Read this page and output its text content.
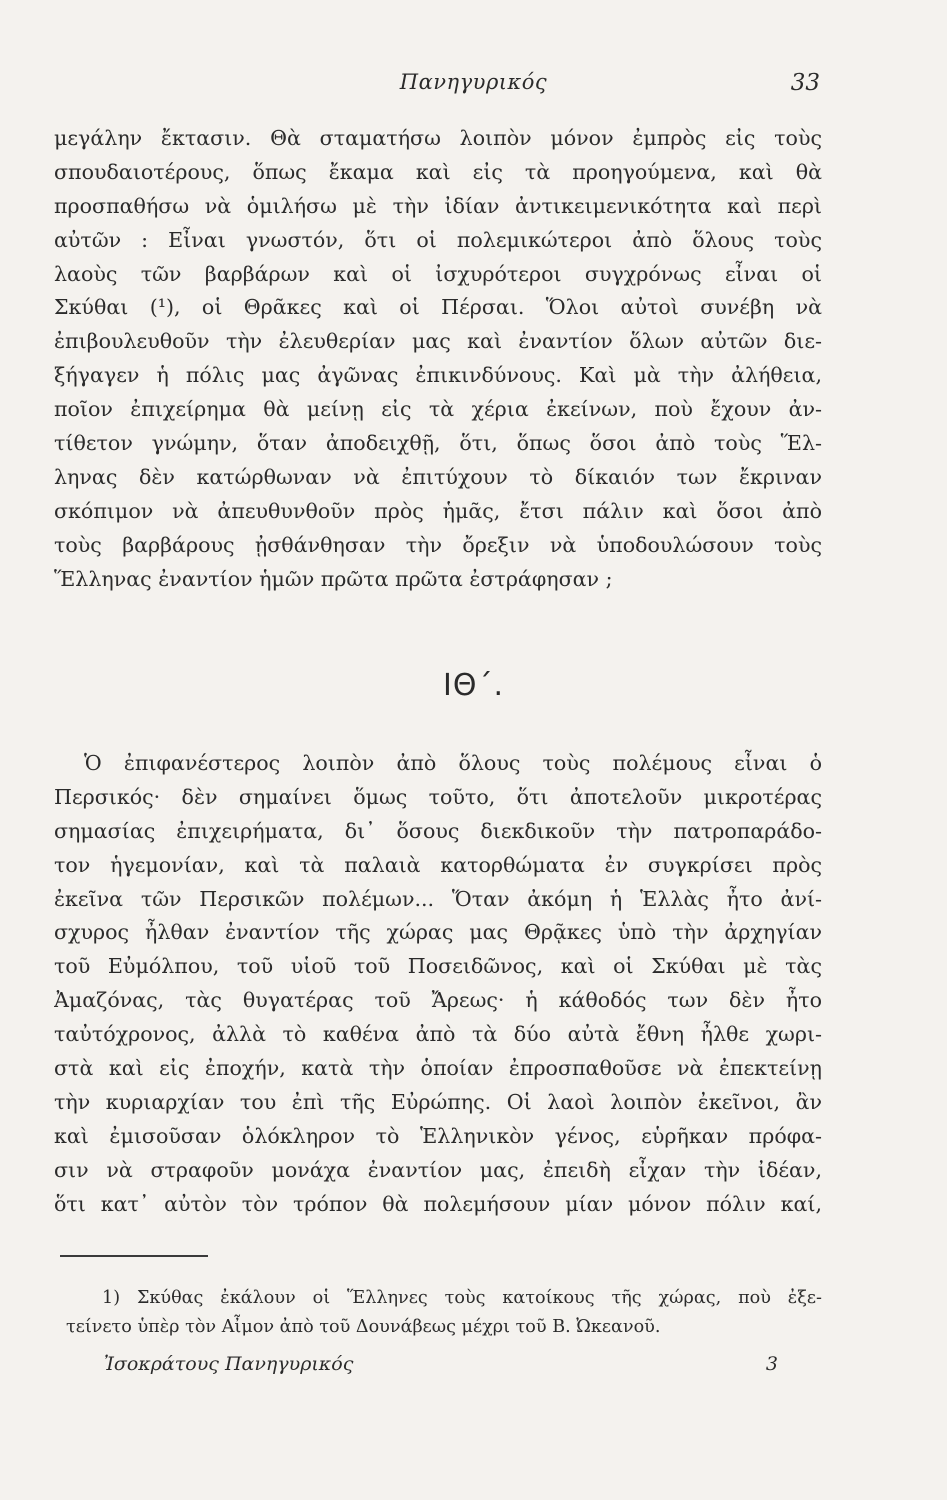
Πανηγυρικός	33
μεγάλην ἔκτασιν. Θὰ σταματήσω λοιπὸν μόνον ἐμπρὸς εἰς τοὺς
σπουδαιοτέρους, ὅπως ἔκαμα καὶ εἰς τὰ προηγούμενα, καὶ θὰ
προσπαθήσω νὰ ὁμιλήσω μὲ τὴν ἰδίαν ἀντικειμενικότητα καὶ περὶ
αὐτῶν : Εἶναι γνωστόν, ὅτι οἱ πολεμικώτεροι ἀπὸ ὅλους τοὺς
λαοὺς τῶν βαρβάρων καὶ οἱ ἰσχυρότεροι συγχρόνως εἶναι οἱ
Σκύθαι (¹), οἱ Θρᾶκες καὶ οἱ Πέρσαι. Ὅλοι αὐτοὶ συνέβη νὰ
ἐπιβουλευθοῦν τὴν ἐλευθερίαν μας καὶ ἐναντίον ὅλων αὐτῶν διε-
ξήγαγεν ἡ πόλις μας ἀγῶνας ἐπικινδύνους. Καὶ μὰ τὴν ἀλήθεια,
ποῖον ἐπιχείρημα θὰ μείνῃ εἰς τὰ χέρια ἐκείνων, ποὺ ἔχουν ἀν-
τίθετον γνώμην, ὅταν ἀποδειχθῇ, ὅτι, ὅπως ὅσοι ἀπὸ τοὺς Ἕλ-
ληνας δὲν κατώρθωναν νὰ ἐπιτύχουν τὸ δίκαιόν των ἔκριναν
σκόπιμον νὰ ἀπευθυνθοῦν πρὸς ἡμᾶς, ἔτσι πάλιν καὶ ὅσοι ἀπὸ
τοὺς βαρβάρους ᾐσθάνθησαν τὴν ὄρεξιν νὰ ὑποδουλώσουν τοὺς
Ἕλληνας ἐναντίον ἡμῶν πρῶτα πρῶτα ἐστράφησαν ;
ΙΘ΄.
Ὁ ἐπιφανέστερος λοιπὸν ἀπὸ ὅλους τοὺς πολέμους εἶναι ὁ
Περσικός· δὲν σημαίνει ὅμως τοῦτο, ὅτι ἀποτελοῦν μικροτέρας
σημασίας ἐπιχειρήματα, δι᾿ ὅσους διεκδικοῦν τὴν πατροπαράδο-
τον ἡγεμονίαν, καὶ τὰ παλαιὰ κατορθώματα ἐν συγκρίσει πρὸς
ἐκεῖνα τῶν Περσικῶν πολέμων... Ὅταν ἀκόμη ἡ Ἑλλὰς ἦτο ἀνί-
σχυρος ἦλθαν ἐναντίον τῆς χώρας μας Θρᾷκες ὑπὸ τὴν ἀρχηγίαν
τοῦ Εὐμόλπου, τοῦ υἱοῦ τοῦ Ποσειδῶνος, καὶ οἱ Σκύθαι μὲ τὰς
Ἀμαζόνας, τὰς θυγατέρας τοῦ Ἄρεως· ἡ κάθοδός των δὲν ἦτο
ταὐτόχρονος, ἀλλὰ τὸ καθένα ἀπὸ τὰ δύο αὐτὰ ἔθνη ἦλθε χωρι-
στὰ καὶ εἰς ἐποχήν, κατὰ τὴν ὁποίαν ἐπροσπαθοῦσε νὰ ἐπεκτείνῃ
τὴν κυριαρχίαν του ἐπὶ τῆς Εὐρώπης. Οἱ λαοὶ λοιπὸν ἐκεῖνοι, ἂν
καὶ ἐμισοῦσαν ὁλόκληρον τὸ Ἑλληνικὸν γένος, εὑρῆκαν πρόφα-
σιν νὰ στραφοῦν μονάχα ἐναντίον μας, ἐπειδὴ εἶχαν τὴν ἰδέαν,
ὅτι κατ᾿ αὐτὸν τὸν τρόπον θὰ πολεμήσουν μίαν μόνον πόλιν καί,
1) Σκύθας ἐκάλουν οἱ Ἕλληνες τοὺς κατοίκους τῆς χώρας, ποὺ ἐξε-
τείνετο ὑπὲρ τὸν Αἶμον ἀπὸ τοῦ Δουνάβεως μέχρι τοῦ Β. Ὠκεανοῦ.
Ἰσοκράτους Πανηγυρικός	3
